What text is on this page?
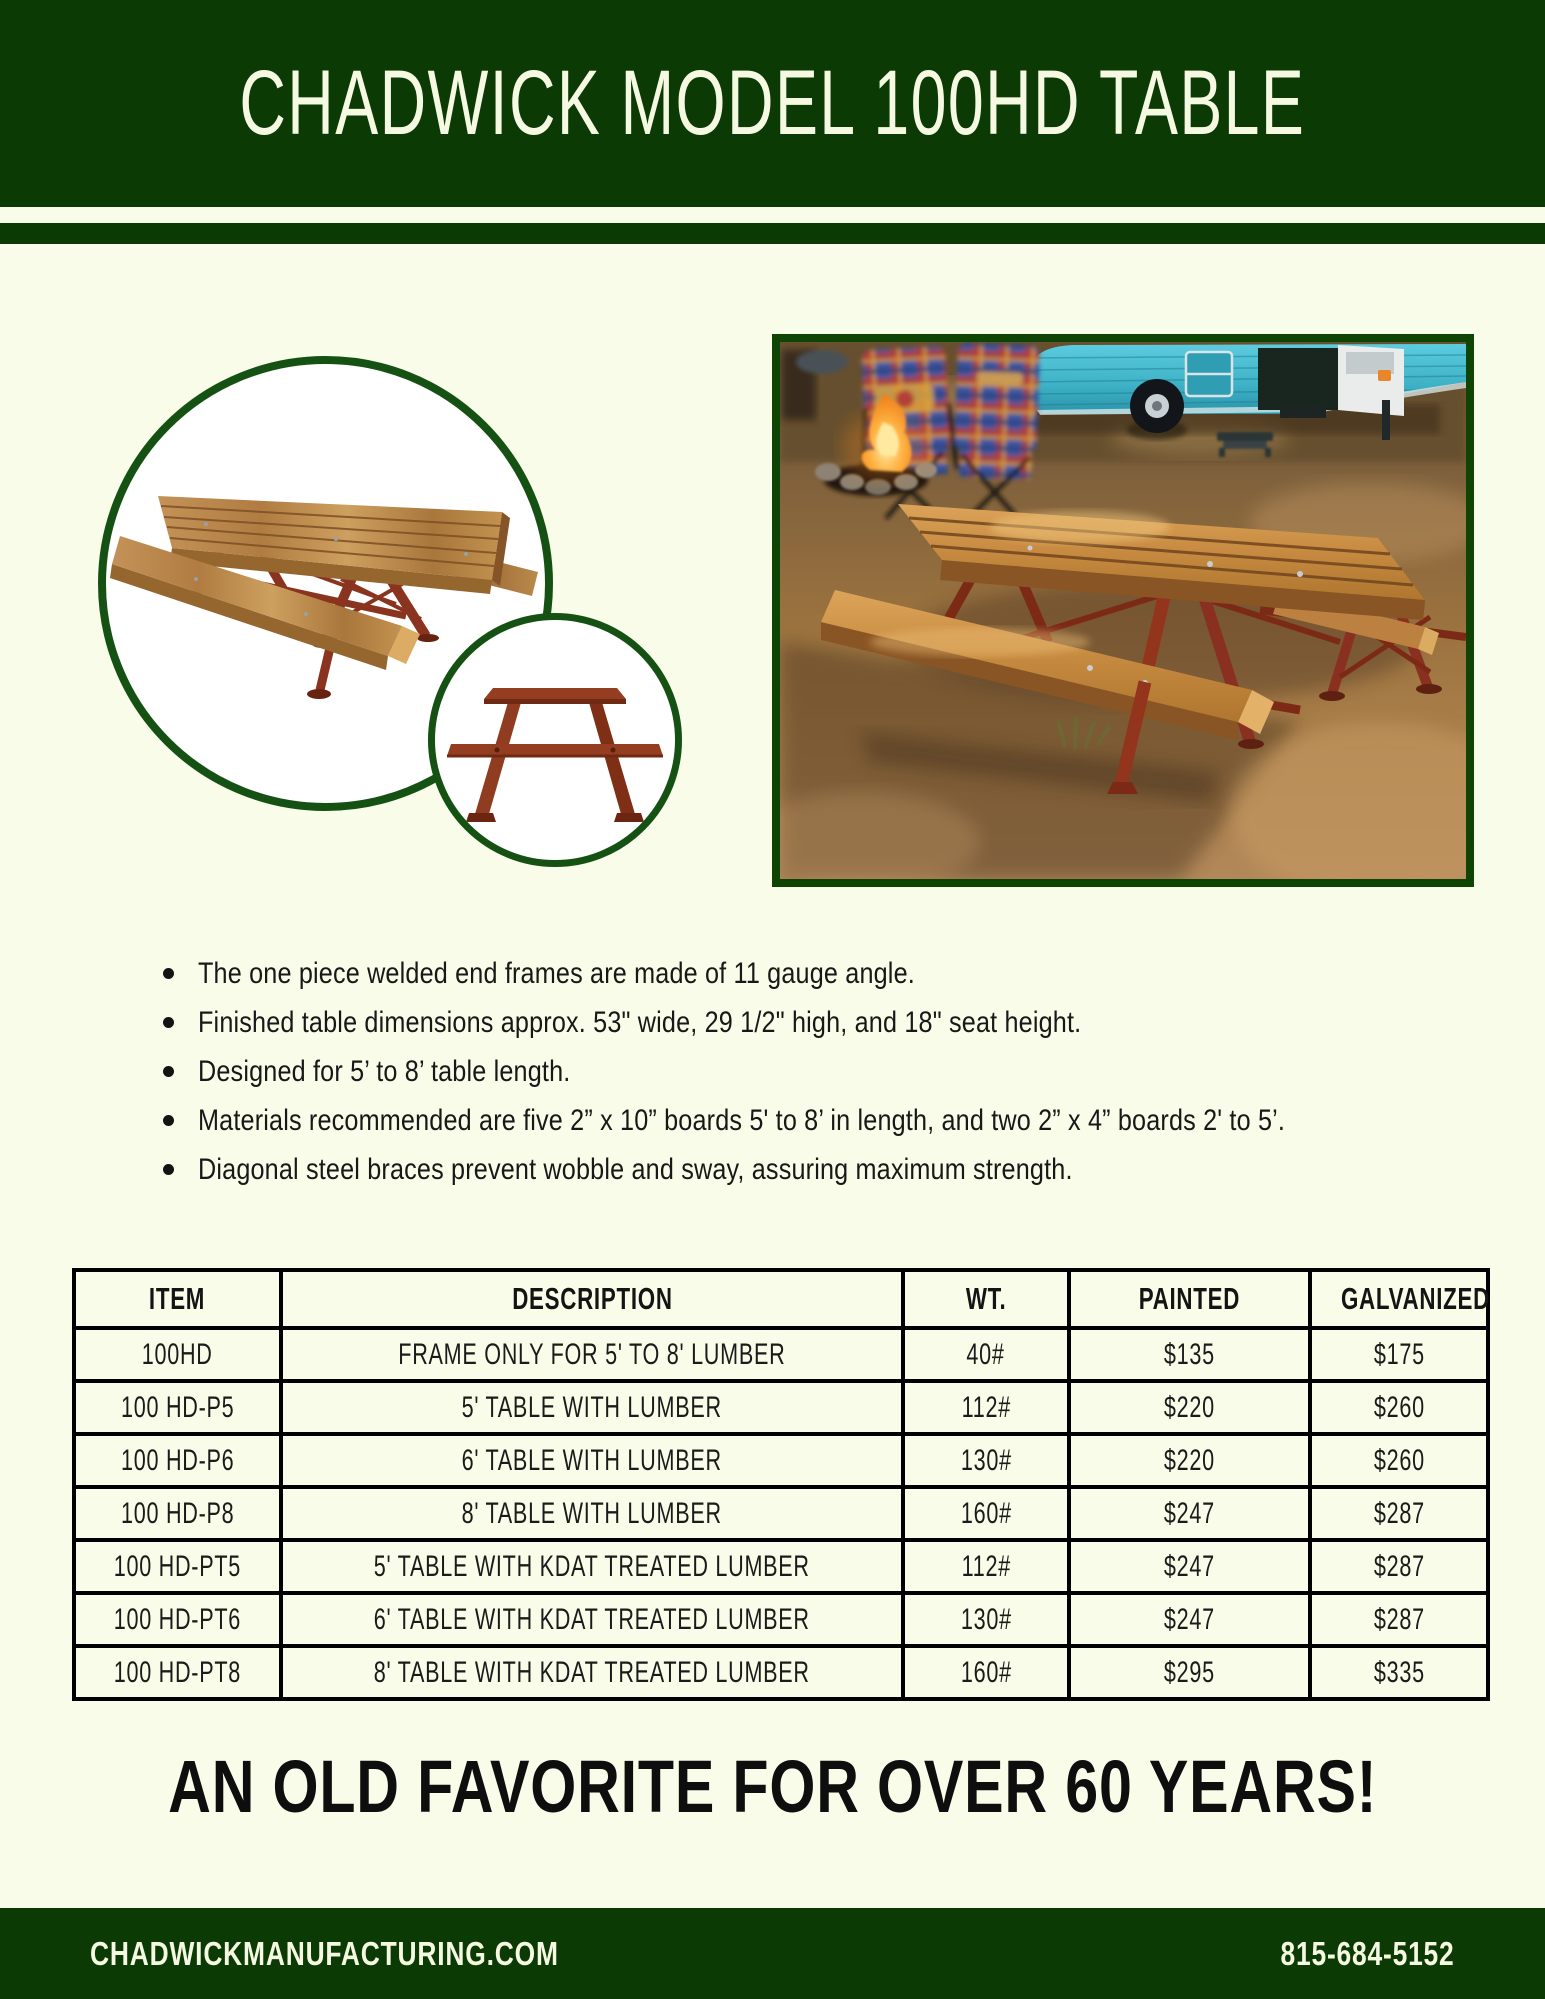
CHADWICK MODEL 100HD TABLE
The one piece welded end frames are made of 11 gauge angle.
Finished table dimensions approx. 53" wide, 29 1/2" high, and 18" seat height.
Designed for 5’ to 8’ table length.
Materials recommended are five 2” x 10” boards 5' to 8’ in length, and two 2” x 4” boards 2' to 5’.
Diagonal steel braces prevent wobble and sway, assuring maximum strength.
ITEM	DESCRIPTION	WT.	PAINTED	GALVANIZED
100HD	FRAME ONLY FOR 5' TO 8' LUMBER	40#	$135	$175
100 HD-P5	5' TABLE WITH LUMBER	112#	$220	$260
100 HD-P6	6' TABLE WITH LUMBER	130#	$220	$260
100 HD-P8	8' TABLE WITH LUMBER	160#	$247	$287
100 HD-PT5	5' TABLE WITH KDAT TREATED LUMBER	112#	$247	$287
100 HD-PT6	6' TABLE WITH KDAT TREATED LUMBER	130#	$247	$287
100 HD-PT8	8' TABLE WITH KDAT TREATED LUMBER	160#	$295	$335
AN OLD FAVORITE FOR OVER 60 YEARS!
CHADWICKMANUFACTURING.COM	815-684-5152
